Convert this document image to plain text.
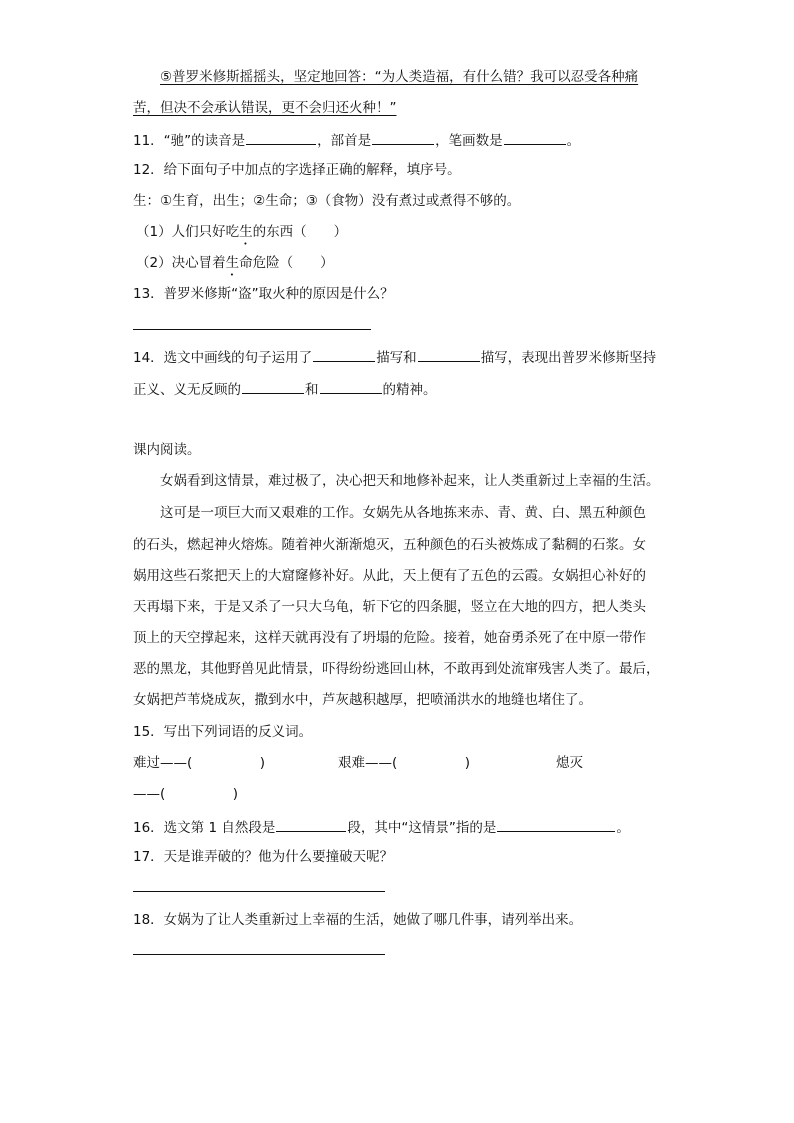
⑤普罗米修斯摇摇头，坚定地回答：“为人类造福，有什么错？我可以忍受各种痛
苦，但决不会承认错误，更不会归还火种！”
11．“驰”的读音是	，部首是	，笔画数是	。
12．给下面句子中加点的字选择正确的解释，填序号。
生：①生育，出生；②生命；③（食物）没有煮过或煮得不够的。
（1）人们只好吃生的东西（　　）
（2）决心冒着生命危险（　　）
13．普罗米修斯“盗”取火种的原因是什么？
14．选文中画线的句子运用了	描写和	描写，表现出普罗米修斯坚持
正义、义无反顾的	和	的精神。
课内阅读。
女娲看到这情景，难过极了，决心把天和地修补起来，让人类重新过上幸福的生活。
这可是一项巨大而又艰难的工作。女娲先从各地拣来赤、青、黄、白、黑五种颜色
的石头，燃起神火熔炼。随着神火渐渐熄灭，五种颜色的石头被炼成了黏稠的石浆。女
娲用这些石浆把天上的大窟窿修补好。从此，天上便有了五色的云霞。女娲担心补好的
天再塌下来，于是又杀了一只大乌龟，斩下它的四条腿，竖立在大地的四方，把人类头
顶上的天空撑起来，这样天就再没有了坍塌的危险。接着，她奋勇杀死了在中原一带作
恶的黑龙，其他野兽见此情景，吓得纷纷逃回山林，不敢再到处流窜残害人类了。最后，
女娲把芦苇烧成灰，撒到水中，芦灰越积越厚，把喷涌洪水的地缝也堵住了。
15．写出下列词语的反义词。
难过——(　　　　　)	艰难——(　　　　　)	熄灭
——(　　　　　)
16．选文第 1 自然段是	段，其中“这情景”指的是	。
17．天是谁弄破的？他为什么要撞破天呢？
18．女娲为了让人类重新过上幸福的生活，她做了哪几件事，请列举出来。
